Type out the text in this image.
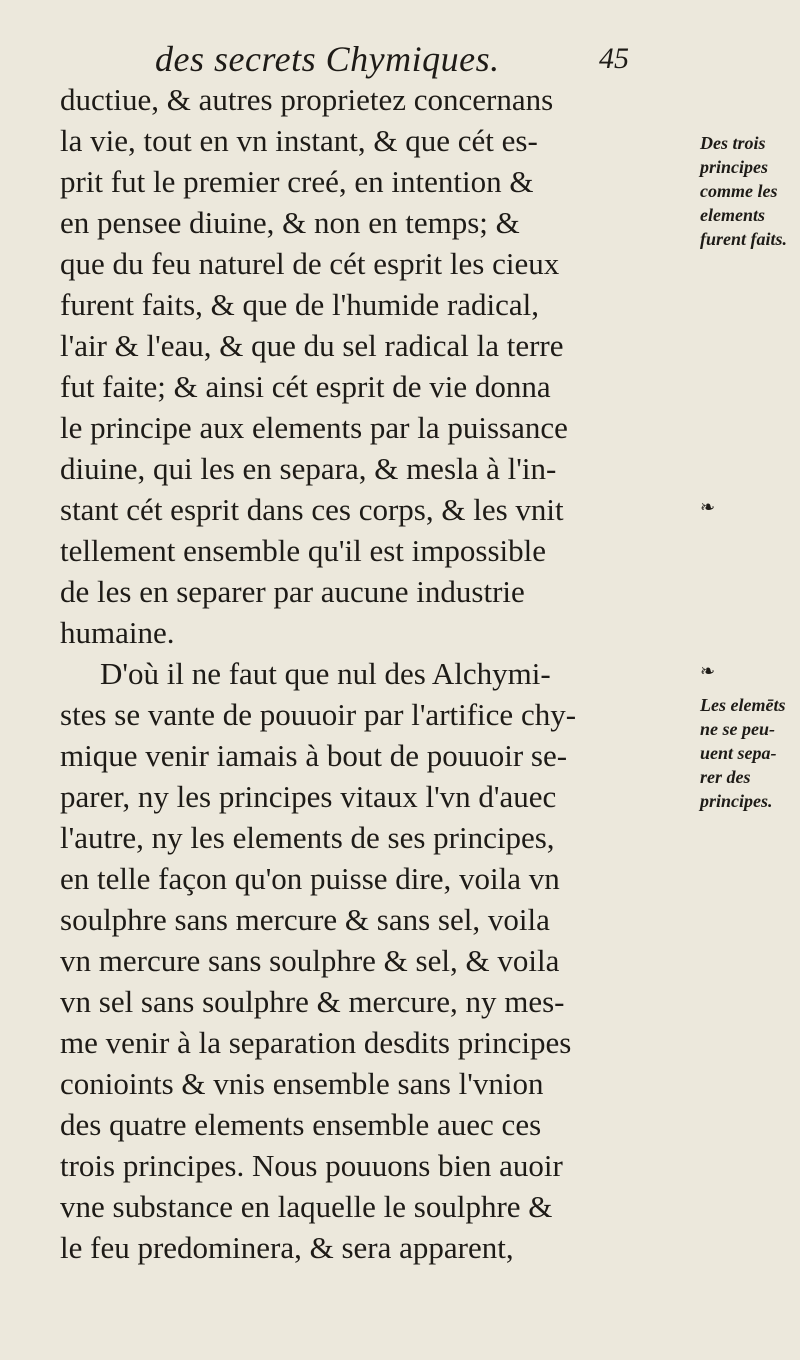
des secrets Chymiques.	45
ductiue, & autres proprietez concernans
la vie, tout en vn instant, & que cét es-
prit fut le premier creé, en intention &
en pensee diuine, & non en temps; &
que du feu naturel de cét esprit les cieux
furent faits, & que de l'humide radical,
l'air & l'eau, & que du sel radical la terre
fut faite; & ainsi cét esprit de vie donna
le principe aux elements par la puissance
diuine, qui les en separa, & mesla à l'in-
stant cét esprit dans ces corps, & les vnit
tellement ensemble qu'il est impossible
de les en separer par aucune industrie
humaine.
D'où il ne faut que nul des Alchymi-
stes se vante de pouuoir par l'artifice chy-
mique venir iamais à bout de pouuoir se-
parer, ny les principes vitaux l'vn d'auec
l'autre, ny les elements de ses principes,
en telle façon qu'on puisse dire, voila vn
soulphre sans mercure & sans sel, voila
vn mercure sans soulphre & sel, & voila
vn sel sans soulphre & mercure, ny mes-
me venir à la separation desdits principes
conioints & vnis ensemble sans l'vnion
des quatre elements ensemble auec ces
trois principes. Nous pouuons bien auoir
vne substance en laquelle le soulphre &
le feu predominera, & sera apparent,
Des trois
principes
comme les
elements
furent faits.
❧
❧
Les elemēts
ne se peu-
uent sepa-
rer des
principes.
